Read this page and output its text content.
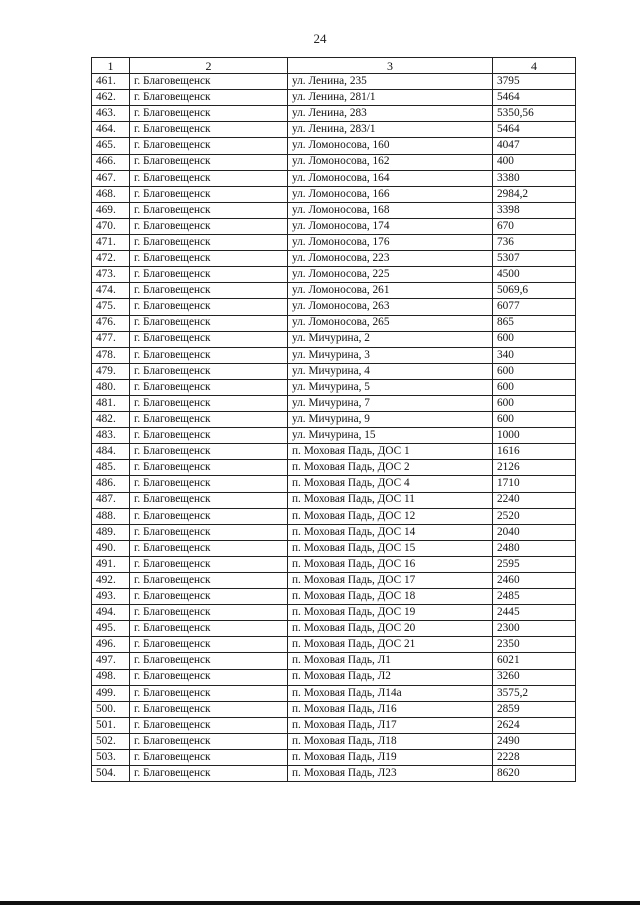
24
1	2	3	4
461.	г. Благовещенск	ул. Ленина, 235	3795
462.	г. Благовещенск	ул. Ленина, 281/1	5464
463.	г. Благовещенск	ул. Ленина, 283	5350,56
464.	г. Благовещенск	ул. Ленина, 283/1	5464
465.	г. Благовещенск	ул. Ломоносова, 160	4047
466.	г. Благовещенск	ул. Ломоносова, 162	400
467.	г. Благовещенск	ул. Ломоносова, 164	3380
468.	г. Благовещенск	ул. Ломоносова, 166	2984,2
469.	г. Благовещенск	ул. Ломоносова, 168	3398
470.	г. Благовещенск	ул. Ломоносова, 174	670
471.	г. Благовещенск	ул. Ломоносова, 176	736
472.	г. Благовещенск	ул. Ломоносова, 223	5307
473.	г. Благовещенск	ул. Ломоносова, 225	4500
474.	г. Благовещенск	ул. Ломоносова, 261	5069,6
475.	г. Благовещенск	ул. Ломоносова, 263	6077
476.	г. Благовещенск	ул. Ломоносова, 265	865
477.	г. Благовещенск	ул. Мичурина, 2	600
478.	г. Благовещенск	ул. Мичурина, 3	340
479.	г. Благовещенск	ул. Мичурина, 4	600
480.	г. Благовещенск	ул. Мичурина, 5	600
481.	г. Благовещенск	ул. Мичурина, 7	600
482.	г. Благовещенск	ул. Мичурина, 9	600
483.	г. Благовещенск	ул. Мичурина, 15	1000
484.	г. Благовещенск	п. Моховая Падь, ДОС 1	1616
485.	г. Благовещенск	п. Моховая Падь, ДОС 2	2126
486.	г. Благовещенск	п. Моховая Падь, ДОС 4	1710
487.	г. Благовещенск	п. Моховая Падь, ДОС 11	2240
488.	г. Благовещенск	п. Моховая Падь, ДОС 12	2520
489.	г. Благовещенск	п. Моховая Падь, ДОС 14	2040
490.	г. Благовещенск	п. Моховая Падь, ДОС 15	2480
491.	г. Благовещенск	п. Моховая Падь, ДОС 16	2595
492.	г. Благовещенск	п. Моховая Падь, ДОС 17	2460
493.	г. Благовещенск	п. Моховая Падь, ДОС 18	2485
494.	г. Благовещенск	п. Моховая Падь, ДОС 19	2445
495.	г. Благовещенск	п. Моховая Падь, ДОС 20	2300
496.	г. Благовещенск	п. Моховая Падь, ДОС 21	2350
497.	г. Благовещенск	п. Моховая Падь, Л1	6021
498.	г. Благовещенск	п. Моховая Падь, Л2	3260
499.	г. Благовещенск	п. Моховая Падь, Л14а	3575,2
500.	г. Благовещенск	п. Моховая Падь, Л16	2859
501.	г. Благовещенск	п. Моховая Падь, Л17	2624
502.	г. Благовещенск	п. Моховая Падь, Л18	2490
503.	г. Благовещенск	п. Моховая Падь, Л19	2228
504.	г. Благовещенск	п. Моховая Падь, Л23	8620
